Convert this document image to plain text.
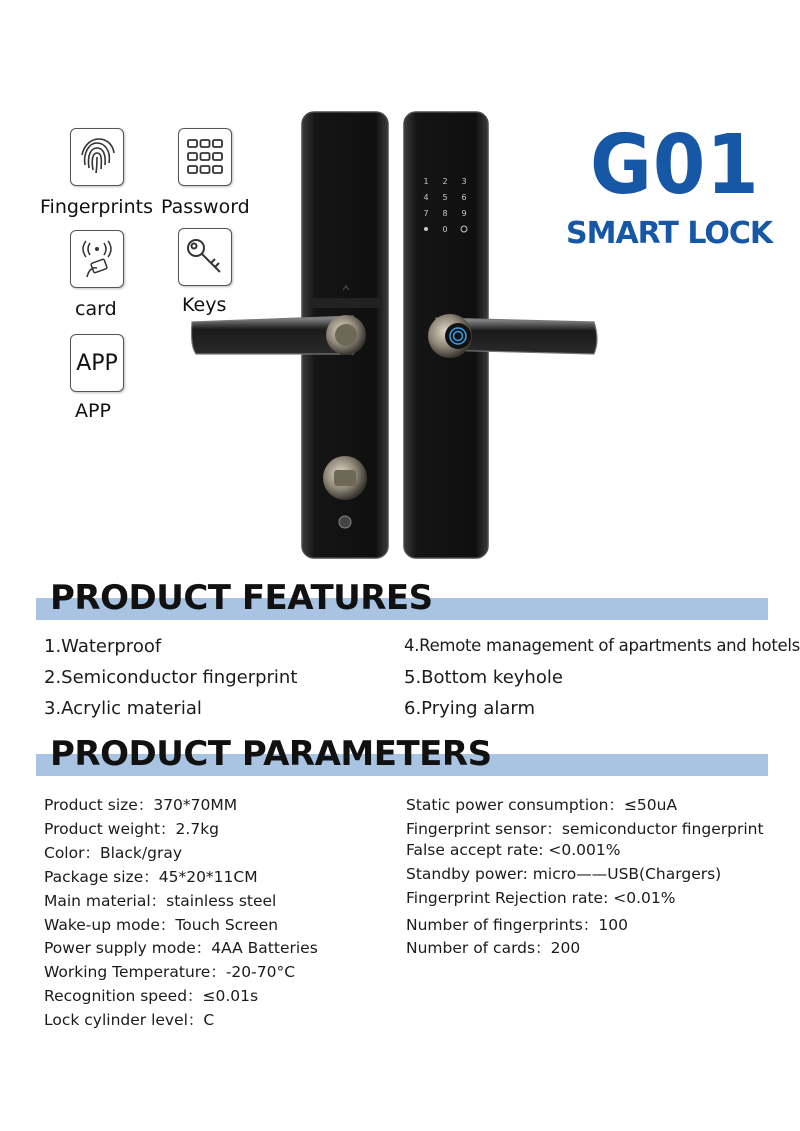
Fingerprints Password
card	Keys
APP
APP
1 2 3
4 5 6
7 8 9
0
G01
SMART LOCK
PRODUCT FEATURES
1.Waterproof
2.Semiconductor fingerprint
3.Acrylic material
4.Remote management of apartments and hotels
5.Bottom keyhole
6.Prying alarm
PRODUCT PARAMETERS
Product size：370*70MM
Product weight：2.7kg
Color：Black/gray
Package size：45*20*11CM
Main material：stainless steel
Wake-up mode：Touch Screen
Power supply mode：4AA Batteries
Working Temperature：-20-70°C
Recognition speed：≤0.01s
Lock cylinder level：C
Static power consumption：≤50uA
Fingerprint sensor：semiconductor fingerprint
False accept rate: <0.001%
Standby power: micro——USB(Chargers)
Fingerprint Rejection rate: <0.01%
Number of fingerprints：100
Number of cards：200
